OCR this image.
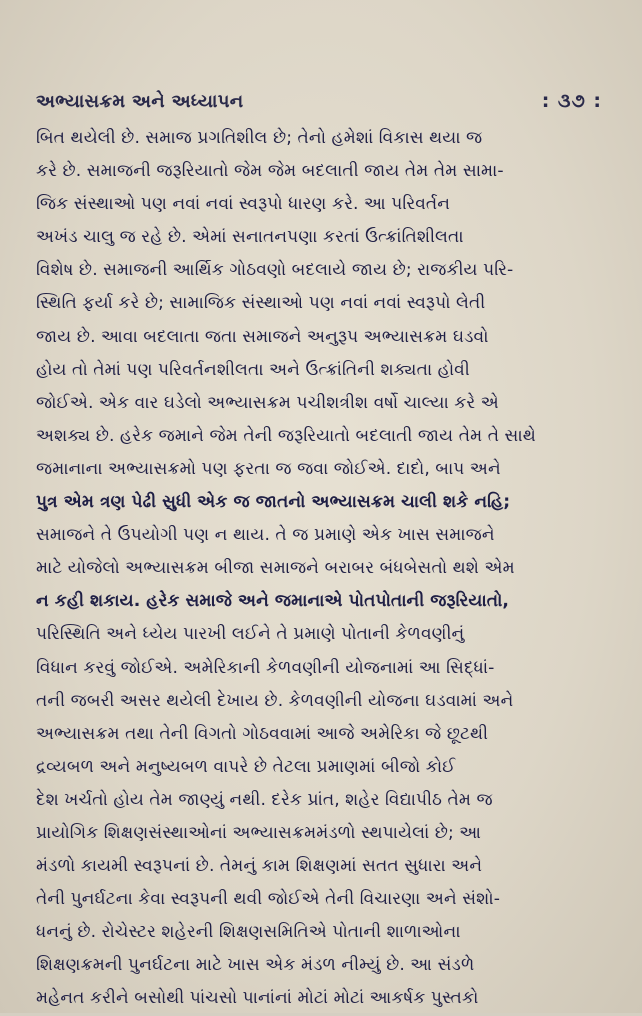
અભ્યાસક્રમ અને અધ્યાપન	: ૩૭ :
બિત થયેલી છે. સમાજ પ્રગતિશીલ છે; તેનો હમેશાં વિકાસ થયા જ
કરે છે. સમાજની જરૂરિયાતો જેમ જેમ બદલાતી જાય તેમ તેમ સામા-
જિક સંસ્થાઓ પણ નવાં નવાં સ્વરૂપો ધારણ કરે. આ પરિવર્તન
અખંડ ચાલુ જ રહે છે. એમાં સનાતનપણા કરતાં ઉત્ક્રાંતિશીલતા
વિશેષ છે. સમાજની આર્થિક ગોઠવણો બદલાયે જાય છે; રાજકીય પરિ-
સ્થિતિ ફર્યા કરે છે; સામાજિક સંસ્થાઓ પણ નવાં નવાં સ્વરૂપો લેતી
જાય છે. આવા બદલાતા જતા સમાજને અનુરૂપ અભ્યાસક્રમ ઘડવો
હોય તો તેમાં પણ પરિવર્તનશીલતા અને ઉત્ક્રાંતિની શક્યતા હોવી
જોઈએ. એક વાર ઘડેલો અભ્યાસક્રમ પચીશત્રીશ વર્ષો ચાલ્યા કરે એ
અશક્ય છે. હરેક જમાને જેમ તેની જરૂરિયાતો બદલાતી જાય તેમ તે સાથે
જમાનાના અભ્યાસક્રમો પણ ફરતા જ જવા જોઈએ. દાદો, બાપ અને
પુત્ર એમ ત્રણ પેઢી સુધી એક જ જાતનો અભ્યાસક્રમ ચાલી શકે નહિ;
સમાજને તે ઉપયોગી પણ ન થાય. તે જ પ્રમાણે એક ખાસ સમાજને
માટે યોજેલો અભ્યાસક્રમ બીજા સમાજને બરાબર બંધબેસતો થશે એમ
ન કહી શકાય. હરેક સમાજે અને જમાનાએ પોતપોતાની જરૂરિયાતો,
પરિસ્થિતિ અને ધ્યેય પારખી લઈને તે પ્રમાણે પોતાની કેળવણીનું
વિધાન કરવું જોઈએ. અમેરિકાની કેળવણીની યોજનામાં આ સિદ્ધાં-
તની જબરી અસર થયેલી દેખાય છે. કેળવણીની યોજના ઘડવામાં અને
અભ્યાસક્રમ તથા તેની વિગતો ગોઠવવામાં આજે અમેરિકા જે છૂટથી
દ્રવ્યબળ અને મનુષ્યબળ વાપરે છે તેટલા પ્રમાણમાં બીજો કોઈ
દેશ ખર્ચતો હોય તેમ જાણ્યું નથી. દરેક પ્રાંત, શહેર વિદ્યાપીઠ તેમ જ
પ્રાયોગિક શિક્ષણસંસ્થાઓનાં અભ્યાસક્રમમંડળો સ્થપાયેલાં છે; આ
મંડળો કાયમી સ્વરૂપનાં છે. તેમનું કામ શિક્ષણમાં સતત સુધારા અને
તેની પુનર્ઘટના કેવા સ્વરૂપની થવી જોઈએ તેની વિચારણા અને સંશો-
ધનનું છે. રોચેસ્ટર શહેરની શિક્ષણસમિતિએ પોતાની શાળાઓના
શિક્ષણક્રમની પુનર્ઘટના માટે ખાસ એક મંડળ નીમ્યું છે. આ સંડળે
મહેનત કરીને બસોથી પાંચસો પાનાંનાં મોટાં મોટાં આકર્ષક પુસ્તકો
